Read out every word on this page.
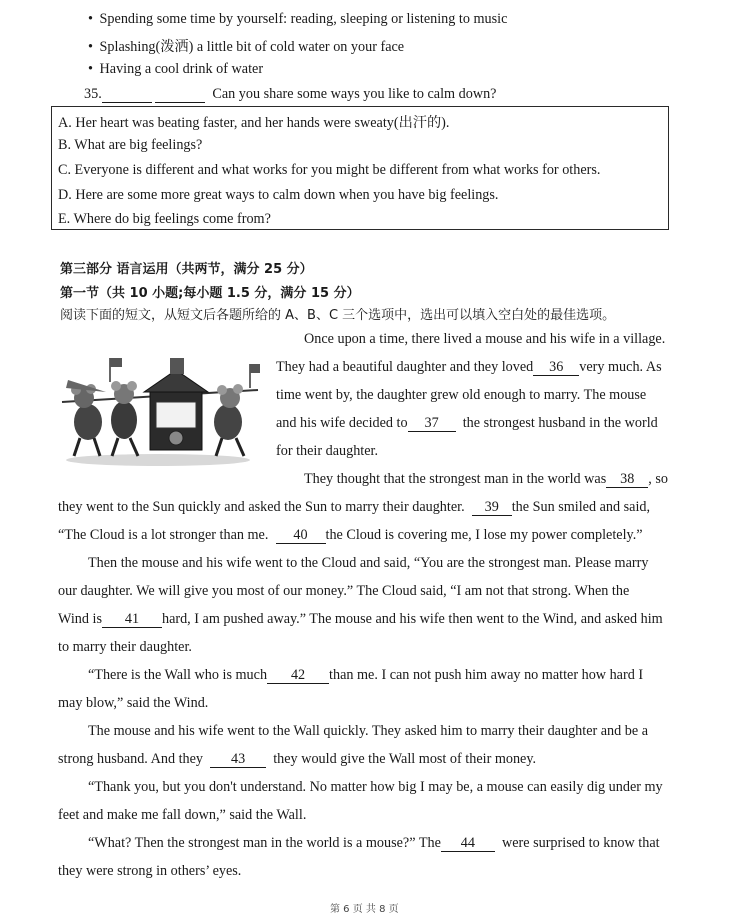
• Spending some time by yourself: reading, sleeping or listening to music
• Splashing(泼洒) a little bit of cold water on your face
• Having a cool drink of water
35.	Can you share some ways you like to calm down?
A. Her heart was beating faster, and her hands were sweaty(出汗的).
B. What are big feelings?
C. Everyone is different and what works for you might be different from what works for others.
D. Here are some more great ways to calm down when you have big feelings.
E. Where do big feelings come from?
第三部分 语言运用（共两节，满分 25 分）
第一节（共 10 小题;每小题 1.5 分，满分 15 分）
阅读下面的短文，从短文后各题所给的 A、B、C 三个选项中，选出可以填入空白处的最佳选项。
Once upon a time, there lived a mouse and his wife in a village.
They had a beautiful daughter and they loved 36 very much. As
time went by, the daughter grew old enough to marry. The mouse
and his wife decided to 37 the strongest husband in the world
for their daughter.
They thought that the strongest man in the world was 38 , so
they went to the Sun quickly and asked the Sun to marry their daughter. 39 the Sun smiled and said,
“The Cloud is a lot stronger than me. 40 the Cloud is covering me, I lose my power completely.”
Then the mouse and his wife went to the Cloud and said, “You are the strongest man. Please marry
our daughter. We will give you most of our money.” The Cloud said, “I am not that strong. When the
Wind is 41 hard, I am pushed away.” The mouse and his wife then went to the Wind, and asked him
to marry their daughter.
“There is the Wall who is much 42 than me. I can not push him away no matter how hard I
may blow,” said the Wind.
The mouse and his wife went to the Wall quickly. They asked him to marry their daughter and be a
strong husband. And they 43 they would give the Wall most of their money.
“Thank you, but you don't understand. No matter how big I may be, a mouse can easily dig under my
feet and make me fall down,” said the Wall.
“What? Then the strongest man in the world is a mouse?” The 44 were surprised to know that
they were strong in others’ eyes.
第 6 页 共 8 页
